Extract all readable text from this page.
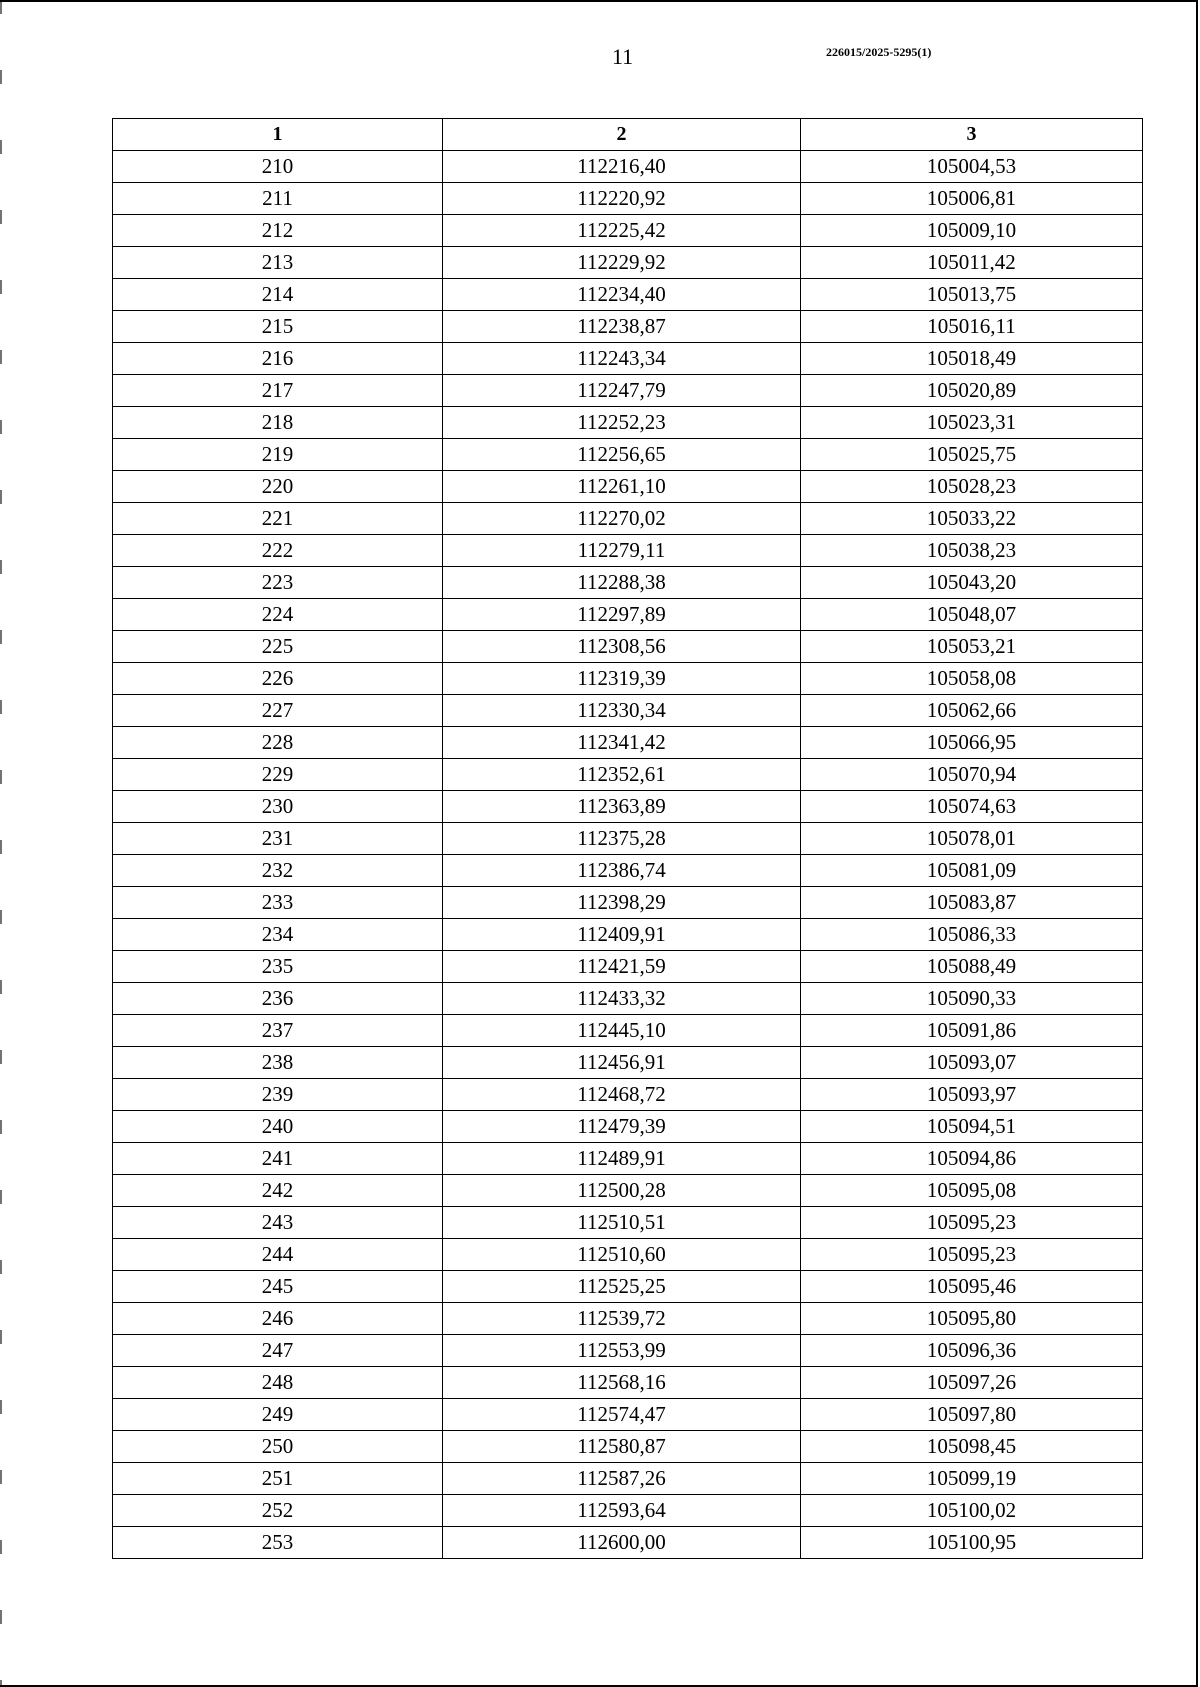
11	226015/2025-5295(1)
1	2	3
210	112216,40	105004,53
211	112220,92	105006,81
212	112225,42	105009,10
213	112229,92	105011,42
214	112234,40	105013,75
215	112238,87	105016,11
216	112243,34	105018,49
217	112247,79	105020,89
218	112252,23	105023,31
219	112256,65	105025,75
220	112261,10	105028,23
221	112270,02	105033,22
222	112279,11	105038,23
223	112288,38	105043,20
224	112297,89	105048,07
225	112308,56	105053,21
226	112319,39	105058,08
227	112330,34	105062,66
228	112341,42	105066,95
229	112352,61	105070,94
230	112363,89	105074,63
231	112375,28	105078,01
232	112386,74	105081,09
233	112398,29	105083,87
234	112409,91	105086,33
235	112421,59	105088,49
236	112433,32	105090,33
237	112445,10	105091,86
238	112456,91	105093,07
239	112468,72	105093,97
240	112479,39	105094,51
241	112489,91	105094,86
242	112500,28	105095,08
243	112510,51	105095,23
244	112510,60	105095,23
245	112525,25	105095,46
246	112539,72	105095,80
247	112553,99	105096,36
248	112568,16	105097,26
249	112574,47	105097,80
250	112580,87	105098,45
251	112587,26	105099,19
252	112593,64	105100,02
253	112600,00	105100,95
